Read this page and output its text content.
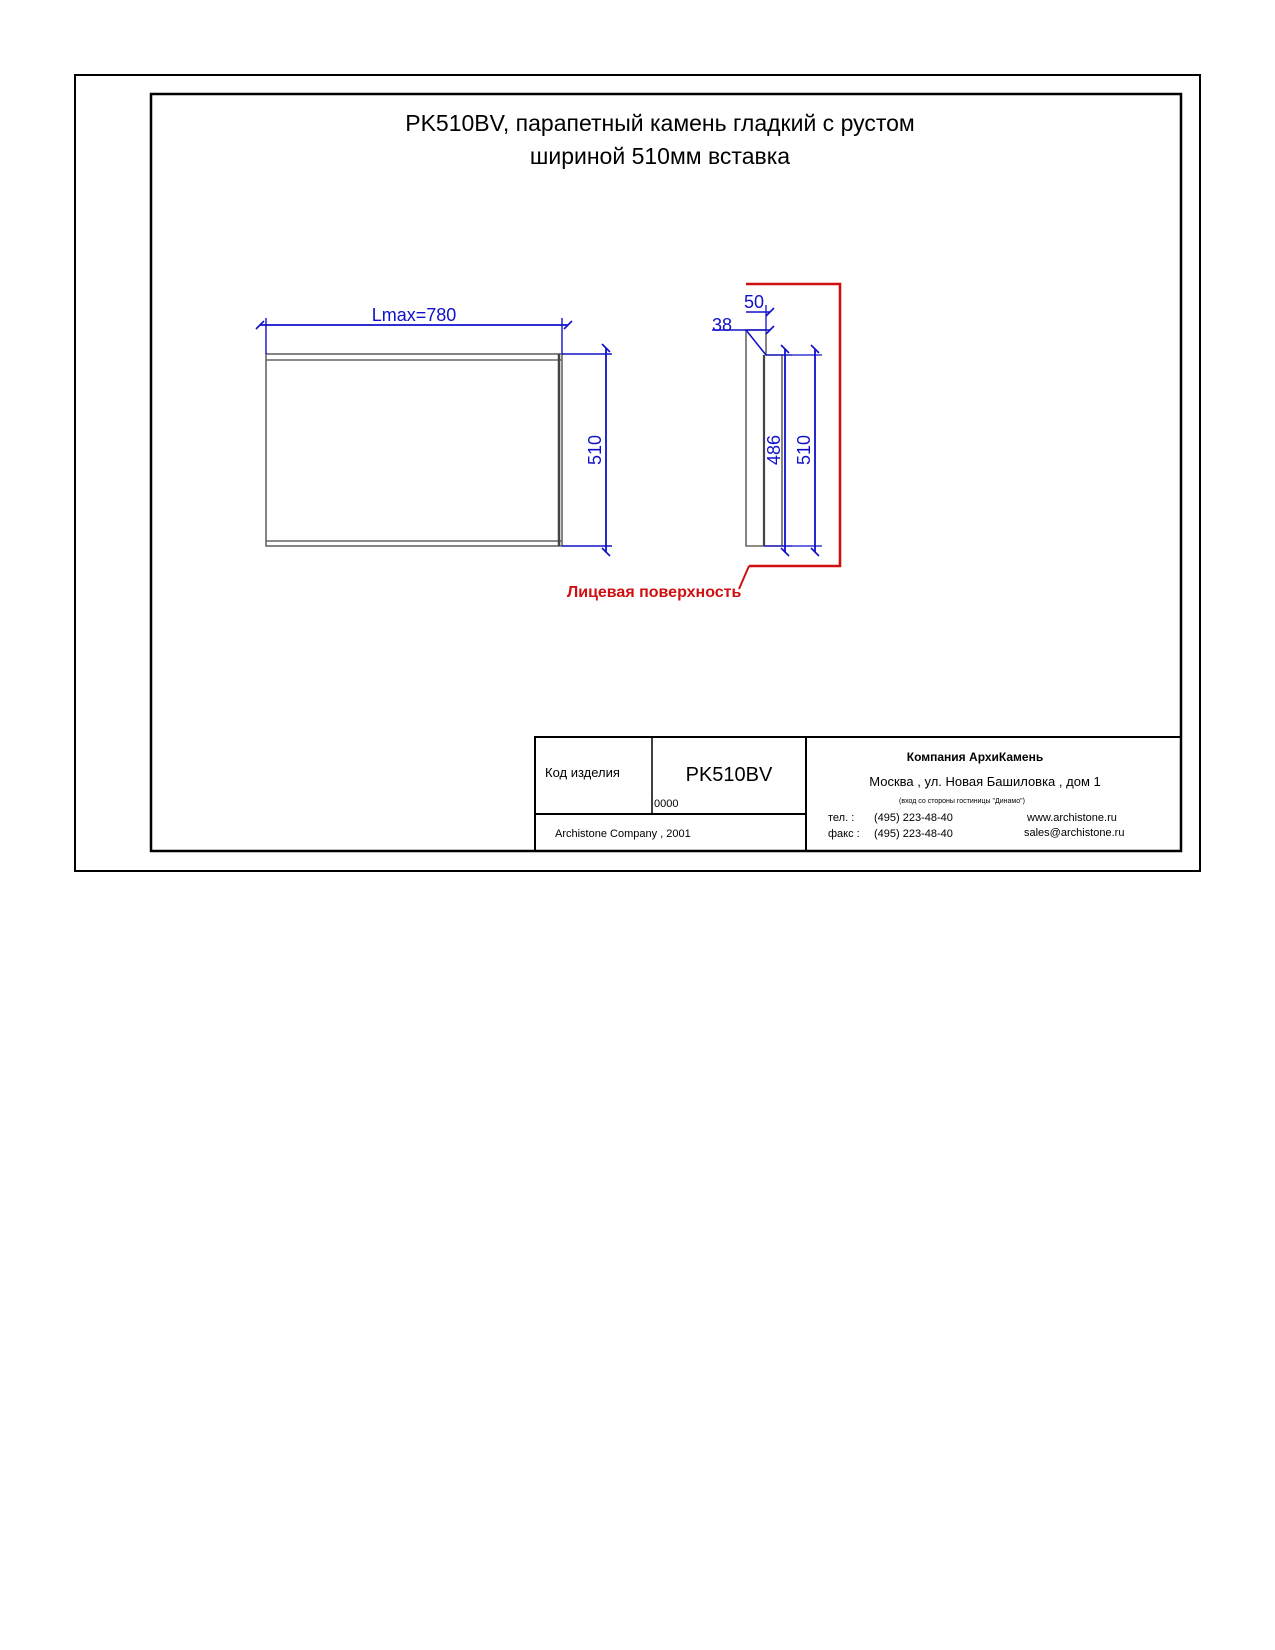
PK510BV, парапетный камень гладкий с рустом
шириной 510мм вставка
Lmax=780
510
Лицевая поверхность
50
38
486 510
Код изделия	PK510BV
0000
Archistone Company , 2001
Компания АрхиКамень
Москва , ул. Новая Башиловка , дом 1
(вход со стороны гостиницы "Динамо")
тел. : (495) 223-48-40
факс : (495) 223-48-40
www.archistone.ru
sales@archistone.ru
